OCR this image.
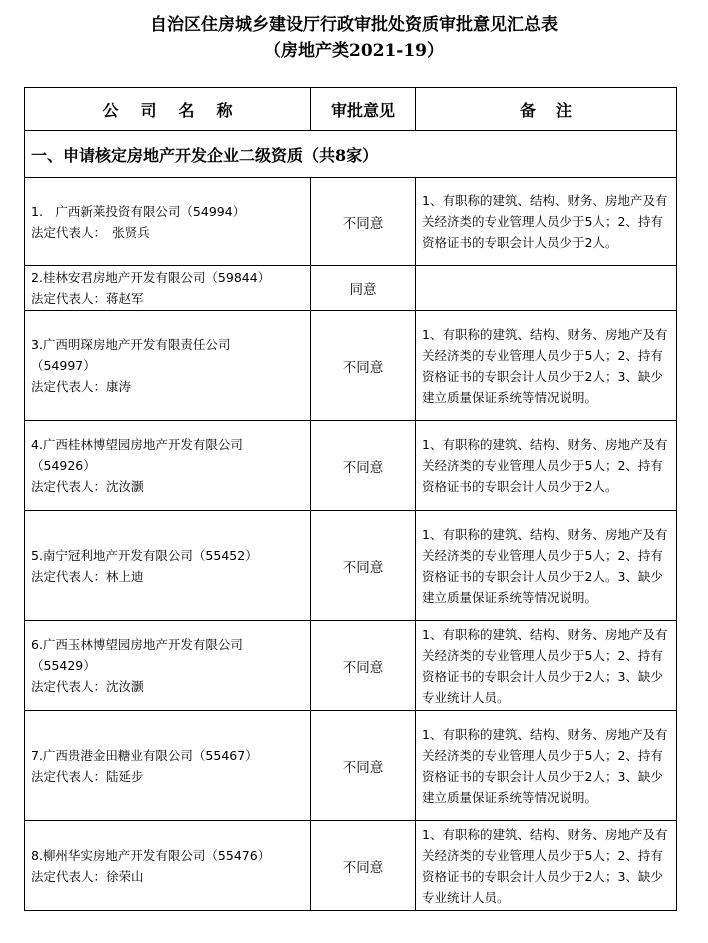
自治区住房城乡建设厅行政审批处资质审批意见汇总表
（房地产类2021-19）
公司名称	审批意见	备注
一、申请核定房地产开发企业二级资质（共8家）		

1.　广西新莱投资有限公司（54994）
法定代表人：　张贤兵	不同意	1、有职称的建筑、结构、财务、房地产及有关经济类的专业管理人员少于5人；2、持有资格证书的专职会计人员少于2人。

2.桂林安君房地产开发有限公司（59844）
法定代表人：蒋赵军	同意	

3.广西明琛房地产开发有限责任公司
（54997）
法定代表人：康涛	不同意	1、有职称的建筑、结构、财务、房地产及有关经济类的专业管理人员少于5人；2、持有资格证书的专职会计人员少于2人；3、缺少建立质量保证系统等情况说明。

4.广西桂林博望园房地产开发有限公司
（54926）
法定代表人：沈汝灏	不同意	1、有职称的建筑、结构、财务、房地产及有关经济类的专业管理人员少于5人；2、持有资格证书的专职会计人员少于2人。

5.南宁冠利地产开发有限公司（55452）
法定代表人：林上迪	不同意	1、有职称的建筑、结构、财务、房地产及有关经济类的专业管理人员少于5人；2、持有资格证书的专职会计人员少于2人。3、缺少建立质量保证系统等情况说明。

6.广西玉林博望园房地产开发有限公司
（55429）
法定代表人：沈汝灏	不同意	1、有职称的建筑、结构、财务、房地产及有关经济类的专业管理人员少于5人；2、持有资格证书的专职会计人员少于2人；3、缺少专业统计人员。

7.广西贵港金田糖业有限公司（55467）
法定代表人：陆延步	不同意	1、有职称的建筑、结构、财务、房地产及有关经济类的专业管理人员少于5人；2、持有资格证书的专职会计人员少于2人；3、缺少建立质量保证系统等情况说明。

8.柳州华实房地产开发有限公司（55476）
法定代表人：徐荣山	不同意	1、有职称的建筑、结构、财务、房地产及有关经济类的专业管理人员少于5人；2、持有资格证书的专职会计人员少于2人；3、缺少专业统计人员。
